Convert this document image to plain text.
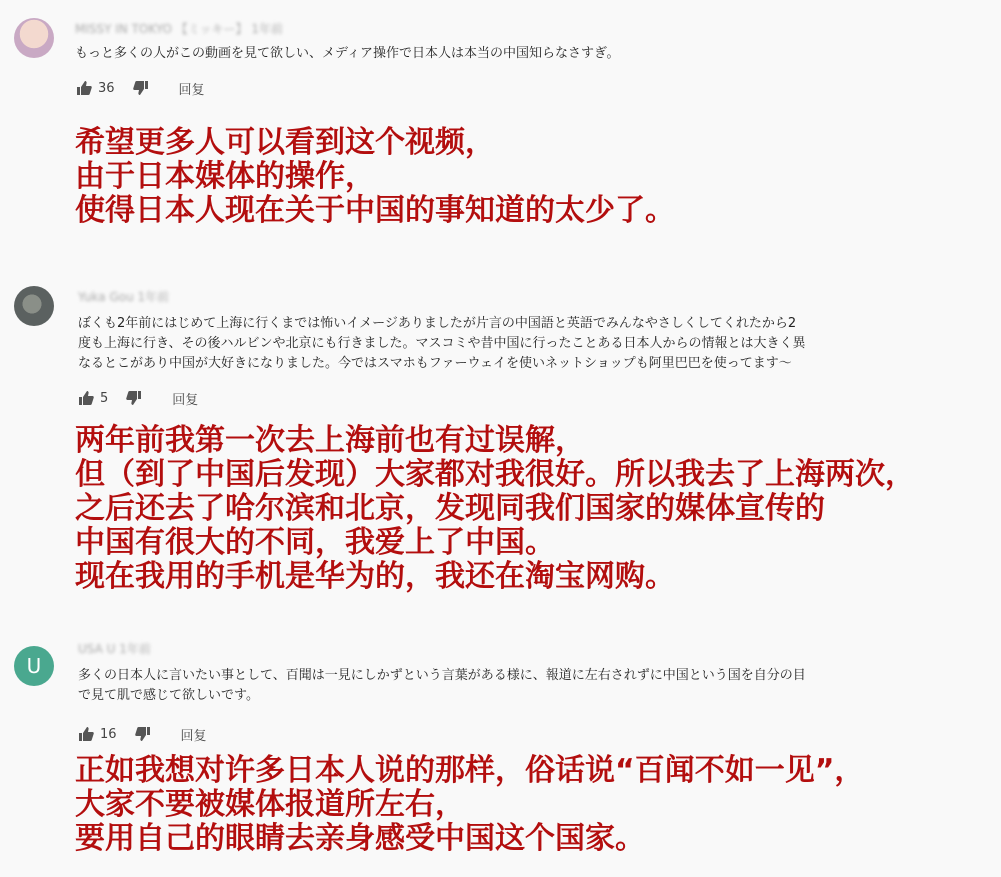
MISSY IN TOKYO 【ミッキー】 1年前
もっと多くの人がこの動画を見て欲しい、メディア操作で日本人は本当の中国知らなさすぎ。
36	回复
希望更多人可以看到这个视频，
由于日本媒体的操作，
使得日本人现在关于中国的事知道的太少了。
Yuka Gou 1年前
ぼくも2年前にはじめて上海に行くまでは怖いイメージありましたが片言の中国語と英語でみんなやさしくしてくれたから2
度も上海に行き、その後ハルビンや北京にも行きました。マスコミや昔中国に行ったことある日本人からの情報とは大きく異
なるとこがあり中国が大好きになりました。今ではスマホもファーウェイを使いネットショップも阿里巴巴を使ってます～
5	回复
两年前我第一次去上海前也有过误解，
但（到了中国后发现）大家都对我很好。所以我去了上海两次，
之后还去了哈尔滨和北京，发现同我们国家的媒体宣传的
中国有很大的不同，我爱上了中国。
现在我用的手机是华为的，我还在淘宝网购。
U
USA U 1年前
多くの日本人に言いたい事として、百聞は一見にしかずという言葉がある様に、報道に左右されずに中国という国を自分の目
で見て肌で感じて欲しいです。
16	回复
正如我想对许多日本人说的那样，俗话说“百闻不如一见”，
大家不要被媒体报道所左右，
要用自己的眼睛去亲身感受中国这个国家。
